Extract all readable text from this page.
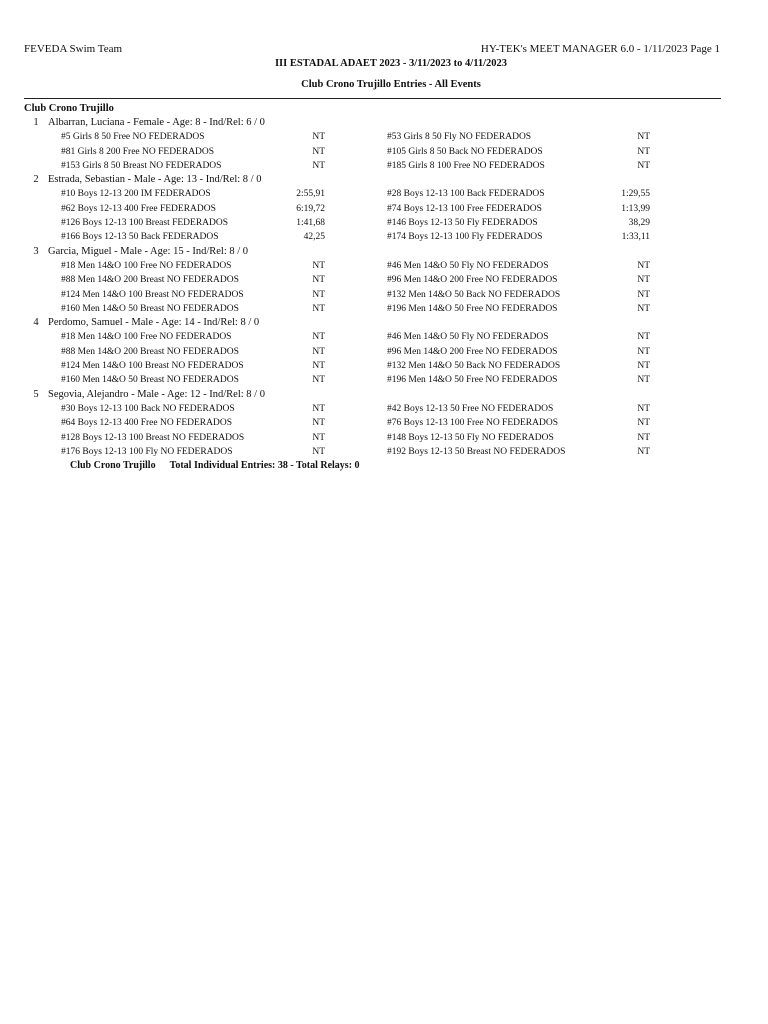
FEVEDA Swim Team	HY-TEK's MEET MANAGER 6.0 - 1/11/2023 Page 1
III ESTADAL ADAET 2023 - 3/11/2023 to 4/11/2023
Club Crono Trujillo Entries - All Events
Club Crono Trujillo
1 Albarran, Luciana - Female - Age: 8 - Ind/Rel: 6 / 0
#5 Girls 8 50 Free NO FEDERADOS	NT	#53 Girls 8 50 Fly NO FEDERADOS	NT
#81 Girls 8 200 Free NO FEDERADOS	NT	#105 Girls 8 50 Back NO FEDERADOS	NT
#153 Girls 8 50 Breast NO FEDERADOS	NT	#185 Girls 8 100 Free NO FEDERADOS	NT
2 Estrada, Sebastian - Male - Age: 13 - Ind/Rel: 8 / 0
#10 Boys 12-13 200 IM FEDERADOS	2:55,91	#28 Boys 12-13 100 Back FEDERADOS	1:29,55
#62 Boys 12-13 400 Free FEDERADOS	6:19,72	#74 Boys 12-13 100 Free FEDERADOS	1:13,99
#126 Boys 12-13 100 Breast FEDERADOS	1:41,68	#146 Boys 12-13 50 Fly FEDERADOS	38,29
#166 Boys 12-13 50 Back FEDERADOS	42,25	#174 Boys 12-13 100 Fly FEDERADOS	1:33,11
3 Garcia, Miguel - Male - Age: 15 - Ind/Rel: 8 / 0
#18 Men 14&O 100 Free NO FEDERADOS	NT	#46 Men 14&O 50 Fly NO FEDERADOS	NT
#88 Men 14&O 200 Breast NO FEDERADOS	NT	#96 Men 14&O 200 Free NO FEDERADOS	NT
#124 Men 14&O 100 Breast NO FEDERADOS	NT	#132 Men 14&O 50 Back NO FEDERADOS	NT
#160 Men 14&O 50 Breast NO FEDERADOS	NT	#196 Men 14&O 50 Free NO FEDERADOS	NT
4 Perdomo, Samuel - Male - Age: 14 - Ind/Rel: 8 / 0
#18 Men 14&O 100 Free NO FEDERADOS	NT	#46 Men 14&O 50 Fly NO FEDERADOS	NT
#88 Men 14&O 200 Breast NO FEDERADOS	NT	#96 Men 14&O 200 Free NO FEDERADOS	NT
#124 Men 14&O 100 Breast NO FEDERADOS	NT	#132 Men 14&O 50 Back NO FEDERADOS	NT
#160 Men 14&O 50 Breast NO FEDERADOS	NT	#196 Men 14&O 50 Free NO FEDERADOS	NT
5 Segovia, Alejandro - Male - Age: 12 - Ind/Rel: 8 / 0
#30 Boys 12-13 100 Back NO FEDERADOS	NT	#42 Boys 12-13 50 Free NO FEDERADOS	NT
#64 Boys 12-13 400 Free NO FEDERADOS	NT	#76 Boys 12-13 100 Free NO FEDERADOS	NT
#128 Boys 12-13 100 Breast NO FEDERADOS	NT	#148 Boys 12-13 50 Fly NO FEDERADOS	NT
#176 Boys 12-13 100 Fly NO FEDERADOS	NT	#192 Boys 12-13 50 Breast NO FEDERADOS	NT
Club Crono Trujillo Total Individual Entries: 38 - Total Relays: 0
